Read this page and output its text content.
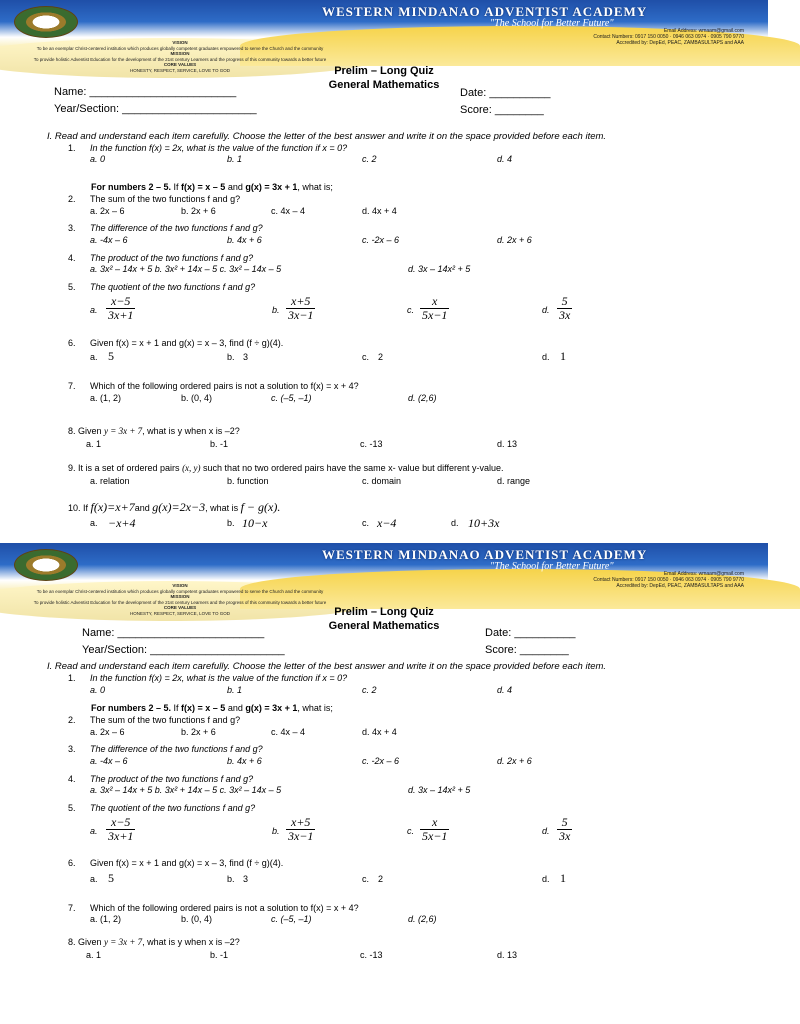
WESTERN MINDANAO ADVENTIST ACADEMY
"The School for Better Future"
Email Address: wmaam@gmail.com
Contact Numbers: 0917 150 0050 · 0946 063 0974 · 0905 790 9770
Accredited by: DepEd, PEAC, ZAMBASULTAPS and AAA
VISION
To be an exemplar Christ-centered institution which produces globally competent graduates empowered to serve the Church and the community
MISSION
To provide holistic Adventist Education for the development of the 21st century Learners and the progress of this community towards a better future
CORE VALUES
HONESTY, RESPECT, SERVICE, LOVE TO GOD	Prelim – Long Quiz
General Mathematics
Name: ________________________
Year/Section: ______________________
Date: __________
Score: ________
I. Read and understand each item carefully. Choose the letter of the best answer and write it on the space provided before each item.
1. In the function f(x) = 2x, what is the value of the function if x = 0?
a. 0	b. 1	c. 2	d. 4
For numbers 2 – 5. If f(x) = x – 5 and g(x) = 3x + 1, what is;
2. The sum of the two functions f and g?
a. 2x – 6	b. 2x + 6	c. 4x – 4	d. 4x + 4
3. The difference of the two functions f and g?
a. -4x – 6	b. 4x + 6	c. -2x – 6	d. 2x + 6
4. The product of the two functions f and g?
a. 3x² – 14x + 5 b. 3x² + 14x – 5 c. 3x² – 14x – 5	d. 3x – 14x² + 5
5. The quotient of the two functions f and g?
a. $\frac{x-5}{3x+1}$	b. $\frac{x+5}{3x-1}$	c. $\frac{x}{5x-1}$	d. $\frac{5}{3x}$
6. Given f(x) = x + 1 and g(x) = x – 3, find (f ÷ g)(4).
a. 5	b. 3	c. 2	d. 1
7. Which of the following ordered pairs is not a solution to f(x) = x + 4?
a. (1, 2)	b. (0, 4)	c. (–5, –1)	d. (2,6)
8. Given y = 3x + 7, what is y when x is –2?
a. 1	b. -1	c. -13	d. 13
9. It is a set of ordered pairs (x, y) such that no two ordered pairs have the same x- value but different y-value.
a. relation	b. function	c. domain	d. range
10. If f(x)=x+7and g(x)=2x−3, what is f − g(x).
a. −x+4	b. 10−x	c. x−4	d. 10+3x
WESTERN MINDANAO ADVENTIST ACADEMY
"The School for Better Future"
Email Address: wmaam@gmail.com
Contact Numbers: 0917 150 0050 · 0946 063 0974 · 0905 790 9770
Accredited by: DepEd, PEAC, ZAMBASULTAPS and AAA
VISION
To be an exemplar Christ-centered institution which produces globally competent graduates empowered to serve the Church and the community
MISSION
To provide holistic Adventist Education for the development of the 21st century Learners and the progress of this community towards a better future
CORE VALUES
HONESTY, RESPECT, SERVICE, LOVE TO GOD	Prelim – Long Quiz
General Mathematics
Name: ________________________
Year/Section: ______________________
Date: __________
Score: ________
I. Read and understand each item carefully. Choose the letter of the best answer and write it on the space provided before each item.
1. In the function f(x) = 2x, what is the value of the function if x = 0?
a. 0	b. 1	c. 2	d. 4
For numbers 2 – 5. If f(x) = x – 5 and g(x) = 3x + 1, what is;
2. The sum of the two functions f and g?
a. 2x – 6	b. 2x + 6	c. 4x – 4	d. 4x + 4
3. The difference of the two functions f and g?
a. -4x – 6	b. 4x + 6	c. -2x – 6	d. 2x + 6
4. The product of the two functions f and g?
a. 3x² – 14x + 5 b. 3x² + 14x – 5 c. 3x² – 14x – 5	d. 3x – 14x² + 5
5. The quotient of the two functions f and g?
a. $\frac{x-5}{3x+1}$	b. $\frac{x+5}{3x-1}$	c. $\frac{x}{5x-1}$	d. $\frac{5}{3x}$
6. Given f(x) = x + 1 and g(x) = x – 3, find (f ÷ g)(4).
a. 5	b. 3	c. 2	d. 1
7. Which of the following ordered pairs is not a solution to f(x) = x + 4?
a. (1, 2)	b. (0, 4)	c. (–5, –1)	d. (2,6)
8. Given y = 3x + 7, what is y when x is –2?
a. 1	b. -1	c. -13	d. 13
